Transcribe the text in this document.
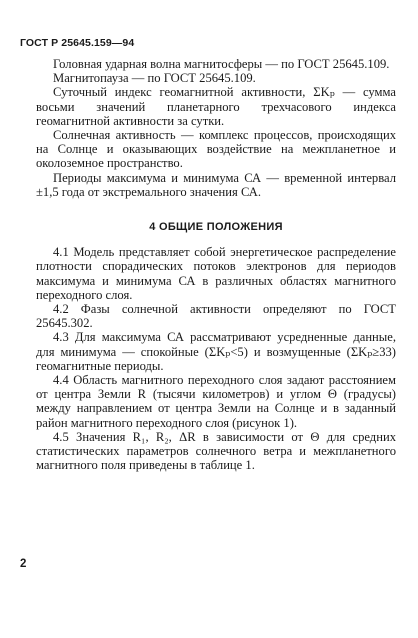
ГОСТ Р 25645.159—94

Головная ударная волна магнитосферы — по ГОСТ 25645.109.

Магнитопауза — по ГОСТ 25645.109.

Суточный индекс геомагнитной активности, ΣKₚ — сумма восьми значений планетарного трехчасового индекса геомагнитной активности за сутки.

Солнечная активность — комплекс процессов, происходящих на Солнце и оказывающих воздействие на межпланетное и околоземное пространство.

Периоды максимума и минимума СА — временной интервал ±1,5 года от экстремального значения СА.

4 ОБЩИЕ ПОЛОЖЕНИЯ

4.1 Модель представляет собой энергетическое распределение плотности спорадических потоков электронов для периодов максимума и минимума СА в различных областях магнитного переходного слоя.

4.2 Фазы солнечной активности определяют по ГОСТ 25645.302.

4.3 Для максимума СА рассматривают усредненные данные, для минимума — спокойные (ΣKₚ<5) и возмущенные (ΣKₚ≥33) геомагнитные периоды.

4.4 Область магнитного переходного слоя задают расстоянием от центра Земли R (тысячи километров) и углом Θ (градусы) между направлением от центра Земли на Солнце и в заданный район магнитного переходного слоя (рисунок 1).

4.5 Значения R₁, R₂, ΔR в зависимости от Θ для средних статистических параметров солнечного ветра и межпланетного магнитного поля приведены в таблице 1.

2
